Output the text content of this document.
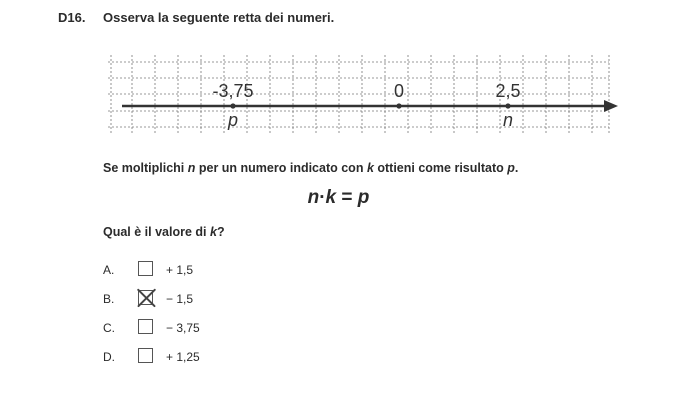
D16. Osserva la seguente retta dei numeri.
-3,75	0	2,5
p	n
Se moltiplichi n per un numero indicato con k ottieni come risultato p.
n·k = p
Qual è il valore di k?
A.	+ 1,5
B.	− 1,5
C.	− 3,75
D.	+ 1,25
